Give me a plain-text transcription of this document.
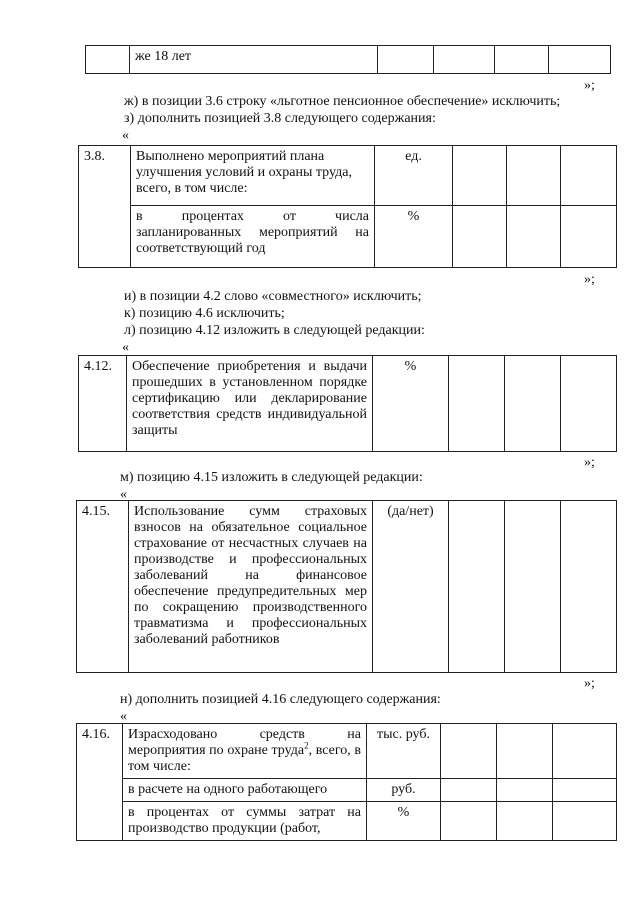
	же 18 лет				
»;
ж) в позиции 3.6 строку «льготное пенсионное обеспечение» исключить;
з) дополнить позицией 3.8 следующего содержания:
«
3.8.	Выполнено мероприятий плана улучшения условий и охраны труда, всего, в том числе:	ед.			
	в процентах от числа запланированных мероприятий на соответствующий год	%			
»;
и) в позиции 4.2 слово «совместного» исключить;
к) позицию 4.6 исключить;
л) позицию 4.12 изложить в следующей редакции:
«
4.12.	Обеспечение приобретения и выдачи прошедших в установленном порядке сертификацию или декларирование соответствия средств индивидуальной защиты	%			
»;
м) позицию 4.15 изложить в следующей редакции:
«
4.15.	Использование сумм страховых взносов на обязательное социальное страхование от несчастных случаев на производстве и профессиональных заболеваний на финансовое обеспечение предупредительных мер по сокращению производственного травматизма и профессиональных заболеваний работников	(да/нет)			
»;
н) дополнить позицией 4.16 следующего содержания:
«
4.16.	Израсходовано средств на мероприятия по охране труда$^2$, всего, в том числе:	тыс. руб.			
	в расчете на одного работающего	руб.			
	в процентах от суммы затрат на производство продукции (работ,	%			
